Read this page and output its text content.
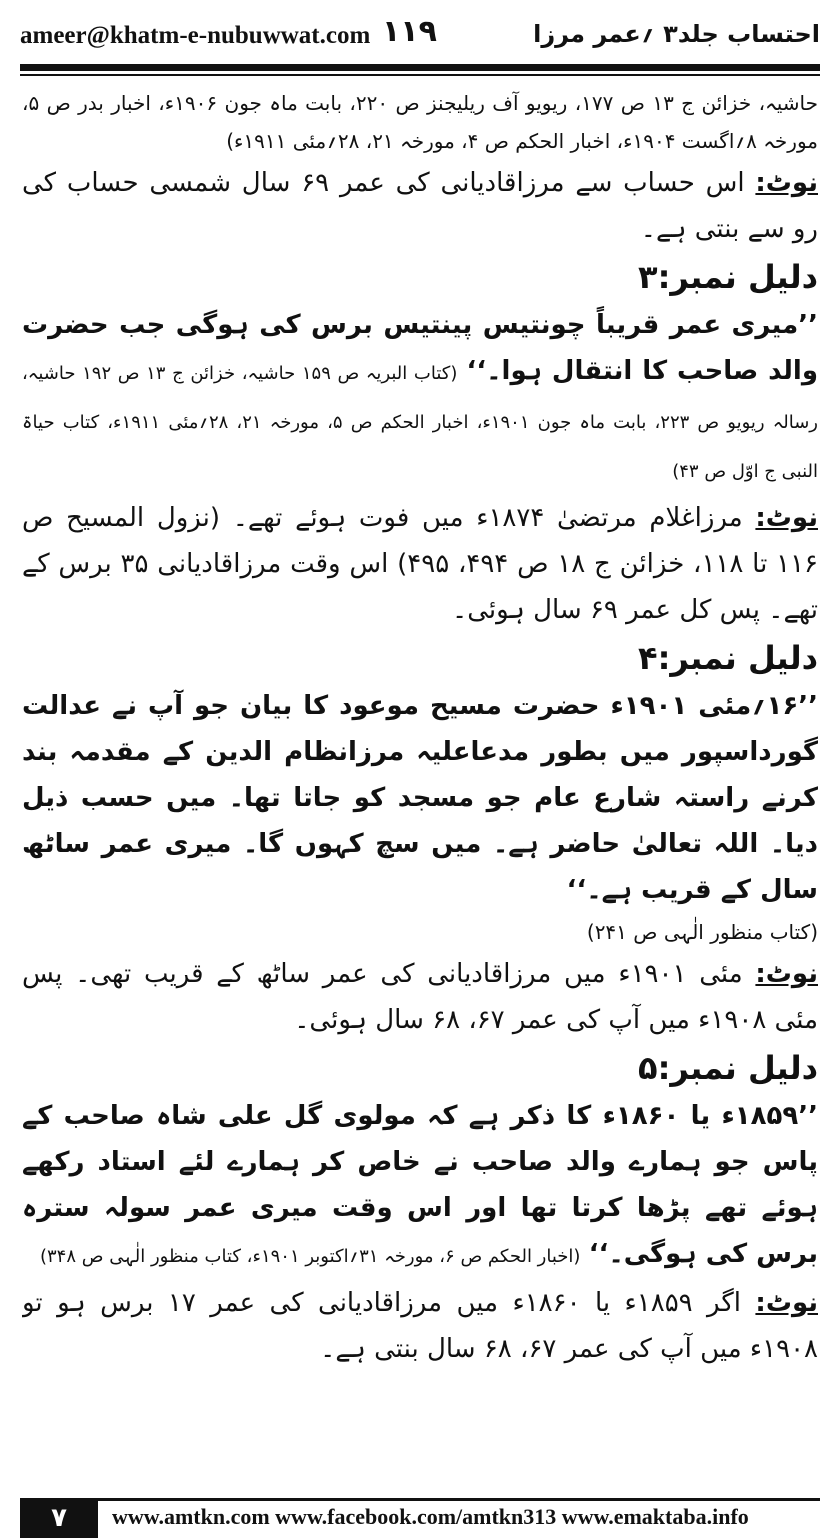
ameer@khatm-e-nubuwwat.com ۱۱۹	احتساب جلد۳ ؍عمر مرزا

حاشیہ، خزائن ج ۱۳ ص ۱۷۷، ریویو آف ریلیجنز ص ۲۲۰، بابت ماہ جون ۱۹۰۶ء، اخبار بدر ص ۵، مورخہ ۸؍اگست ۱۹۰۴ء، اخبار الحکم ص ۴، مورخہ ۲۱، ۲۸؍مئی ۱۹۱۱ء)

نوٹ: اس حساب سے مرزاقادیانی کی عمر ۶۹ سال شمسی حساب کی رو سے بنتی ہے۔

دلیل نمبر:۳

’’میری عمر قریباً چونتیس پینتیس برس کی ہوگی جب حضرت والد صاحب کا انتقال ہوا۔‘‘ (کتاب البریہ ص ۱۵۹ حاشیہ، خزائن ج ۱۳ ص ۱۹۲ حاشیہ، رسالہ ریویو ص ۲۲۳، بابت ماہ جون ۱۹۰۱ء، اخبار الحکم ص ۵، مورخہ ۲۱، ۲۸؍مئی ۱۹۱۱ء، کتاب حیاۃ النبی ج اوّل ص ۴۳)

نوٹ: مرزاغلام مرتضیٰ ۱۸۷۴ء میں فوت ہوئے تھے۔ (نزول المسیح ص ۱۱۶ تا ۱۱۸، خزائن ج ۱۸ ص ۴۹۴، ۴۹۵) اس وقت مرزاقادیانی ۳۵ برس کے تھے۔ پس کل عمر ۶۹ سال ہوئی۔

دلیل نمبر:۴

’’۱۶؍مئی ۱۹۰۱ء حضرت مسیح موعود کا بیان جو آپ نے عدالت گورداسپور میں بطور مدعاعلیہ مرزانظام الدین کے مقدمہ بند کرنے راستہ شارع عام جو مسجد کو جاتا تھا۔ میں حسب ذیل دیا۔ اللہ تعالیٰ حاضر ہے۔ میں سچ کہوں گا۔ میری عمر ساٹھ سال کے قریب ہے۔‘‘

(کتاب منظور الٰہی ص ۲۴۱)

نوٹ: مئی ۱۹۰۱ء میں مرزاقادیانی کی عمر ساٹھ کے قریب تھی۔ پس مئی ۱۹۰۸ء میں آپ کی عمر ۶۷، ۶۸ سال ہوئی۔

دلیل نمبر:۵

’’۱۸۵۹ء یا ۱۸۶۰ء کا ذکر ہے کہ مولوی گل علی شاہ صاحب کے پاس جو ہمارے والد صاحب نے خاص کر ہمارے لئے استاد رکھے ہوئے تھے پڑھا کرتا تھا اور اس وقت میری عمر سولہ سترہ برس کی ہوگی۔‘‘ (اخبار الحکم ص ۶، مورخہ ۳۱؍اکتوبر ۱۹۰۱ء، کتاب منظور الٰہی ص ۳۴۸)

نوٹ: اگر ۱۸۵۹ء یا ۱۸۶۰ء میں مرزاقادیانی کی عمر ۱۷ برس ہو تو ۱۹۰۸ء میں آپ کی عمر ۶۷، ۶۸ سال بنتی ہے۔

۷	www.amtkn.com www.facebook.com/amtkn313 www.emaktaba.info
